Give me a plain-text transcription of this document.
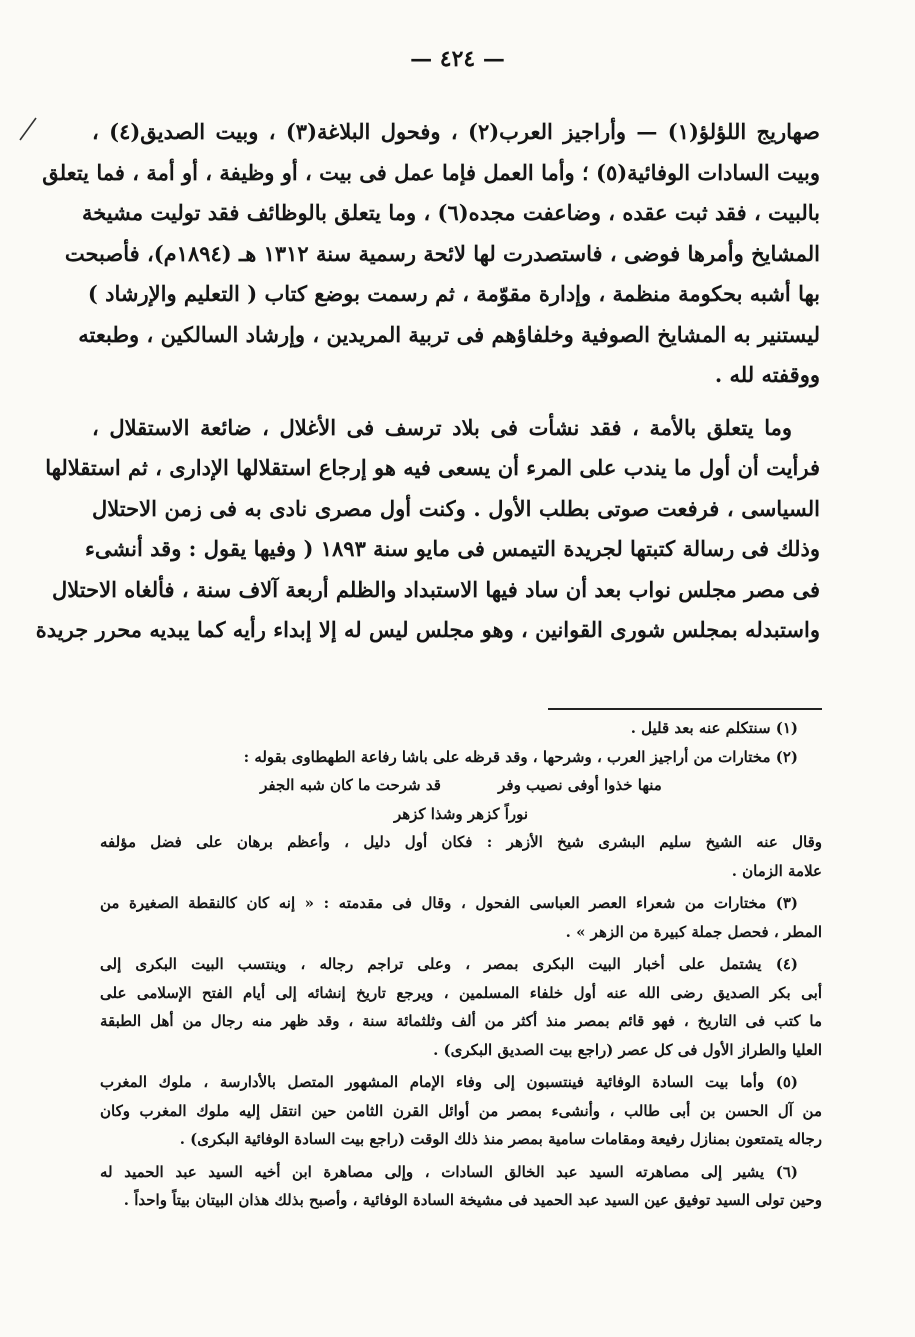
— ٤٢٤ —
صهاريج اللؤلؤ(١) — وأراجيز العرب(٢) ، وفحول البلاغة(٣) ، وبيت الصديق(٤) ،
وبيت السادات الوفائية(٥) ؛ وأما العمل فإما عمل فى بيت ، أو وظيفة ، أو أمة ، فما يتعلق
بالبيت ، فقد ثبت عقده ، وضاعفت مجده(٦) ، وما يتعلق بالوظائف فقد توليت مشيخة
المشايخ وأمرها فوضى ، فاستصدرت لها لائحة رسمية سنة ١٣١٢ هـ (١٨٩٤م)، فأصبحت
بها أشبه بحكومة منظمة ، وإدارة مقوّمة ، ثم رسمت بوضع كتاب ( التعليم والإرشاد )
ليستنير به المشايخ الصوفية وخلفاؤهم فى تربية المريدين ، وإرشاد السالكين ، وطبعته
ووقفته لله .
وما يتعلق بالأمة ، فقد نشأت فى بلاد ترسف فى الأغلال ، ضائعة الاستقلال ،
فرأيت أن أول ما يندب على المرء أن يسعى فيه هو إرجاع استقلالها الإدارى ، ثم استقلالها
السياسى ، فرفعت صوتى بطلب الأول . وكنت أول مصرى نادى به فى زمن الاحتلال
وذلك فى رسالة كتبتها لجريدة التيمس فى مايو سنة ١٨٩٣ ( وفيها يقول : وقد أنشىء
فى مصر مجلس نواب بعد أن ساد فيها الاستبداد والظلم أربعة آلاف سنة ، فألغاه الاحتلال
واستبدله بمجلس شورى القوانين ، وهو مجلس ليس له إلا إبداء رأيه كما يبديه محرر جريدة
(١) سنتكلم عنه بعد قليل .
(٢) مختارات من أراجيز العرب ، وشرحها ، وقد قرظه على باشا رفاعة الطهطاوى بقوله :
منها خذوا أوفى نصيب وفر قد شرحت ما كان شبه الجفر
نوراً كزهر وشذا كزهر
وقال عنه الشيخ سليم البشرى شيخ الأزهر : فكان أول دليل ، وأعظم برهان على فضل مؤلفه
علامة الزمان .
(٣) مختارات من شعراء العصر العباسى الفحول ، وقال فى مقدمته : « إنه كان كالنقطة الصغيرة من
المطر ، فحصل جملة كبيرة من الزهر » .
(٤) يشتمل على أخبار البيت البكرى بمصر ، وعلى تراجم رجاله ، وينتسب البيت البكرى إلى
أبى بكر الصديق رضى الله عنه أول خلفاء المسلمين ، ويرجع تاريخ إنشائه إلى أيام الفتح الإسلامى على
ما كتب فى التاريخ ، فهو قائم بمصر منذ أكثر من ألف وثلثمائة سنة ، وقد ظهر منه رجال من أهل الطبقة
العليا والطراز الأول فى كل عصر (راجع بيت الصديق البكرى) .
(٥) وأما بيت السادة الوفائية فينتسبون إلى وفاء الإمام المشهور المتصل بالأدارسة ، ملوك المغرب
من آل الحسن بن أبى طالب ، وأنشىء بمصر من أوائل القرن الثامن حين انتقل إليه ملوك المغرب وكان
رجاله يتمتعون بمنازل رفيعة ومقامات سامية بمصر منذ ذلك الوقت (راجع بيت السادة الوفائية البكرى) .
(٦) يشير إلى مصاهرته السيد عبد الخالق السادات ، وإلى مصاهرة ابن أخيه السيد عبد الحميد له
وحين تولى السيد توفيق عين السيد عبد الحميد فى مشيخة السادة الوفائية ، وأصبح بذلك هذان البيتان بيتاً واحداً .
